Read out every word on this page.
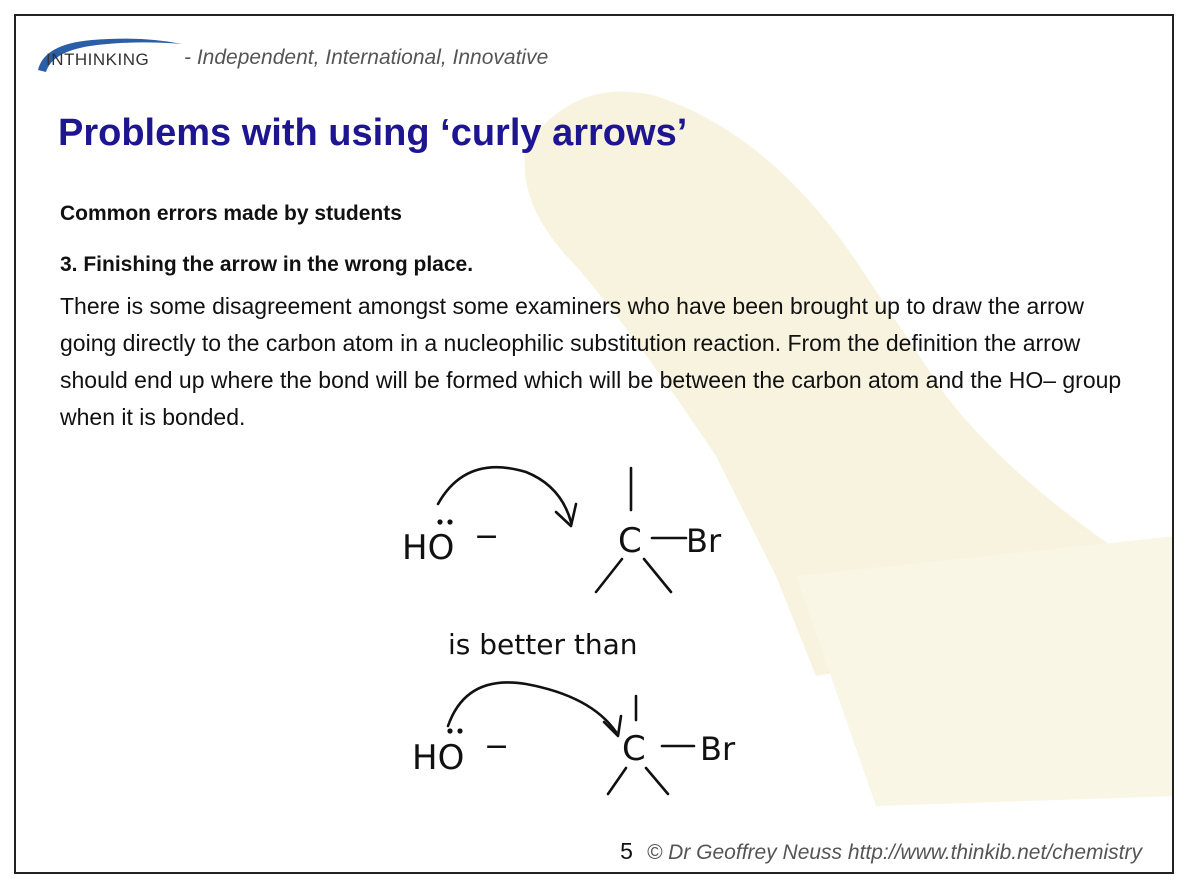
INTHINKING - Independent, International, Innovative
Problems with using ‘curly arrows’

Common errors made by students

3. Finishing the arrow in the wrong place.

There is some disagreement amongst some examiners who have been brought up to draw the arrow going directly to the carbon atom in a nucleophilic substitution reaction. From the definition the arrow should end up where the bond will be formed which will be between the carbon atom and the HO– group when it is bonded.

HO −	C Br
is better than
HO −	C Br
5 © Dr Geoffrey Neuss http://www.thinkib.net/chemistry
